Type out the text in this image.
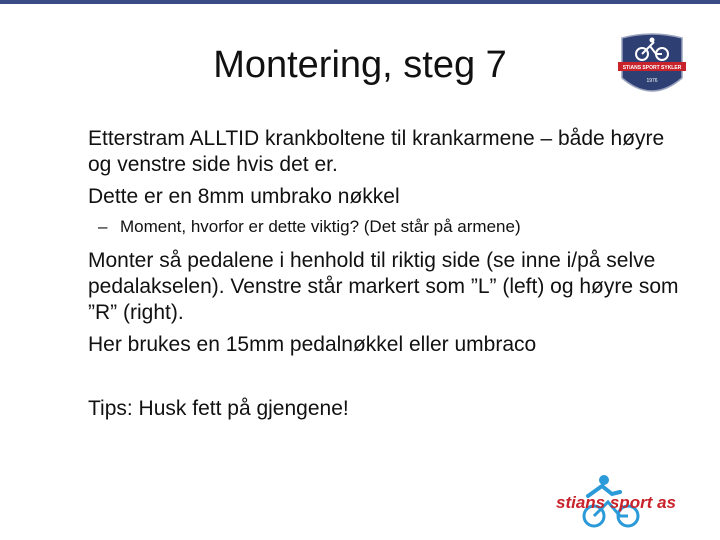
Montering, steg 7	STIANS SPORT SYKLER
1976

Etterstram ALLTID krankboltene til krankarmene – både høyre og venstre side hvis det er.

Dette er en 8mm umbrako nøkkel

– Moment, hvorfor er dette viktig? (Det står på armene)

Monter så pedalene i henhold til riktig side (se inne i/på selve pedalakselen). Venstre står markert som ”L” (left) og høyre som ”R” (right).

Her brukes en 15mm pedalnøkkel eller umbraco

Tips: Husk fett på gjengene!

stians sport as
